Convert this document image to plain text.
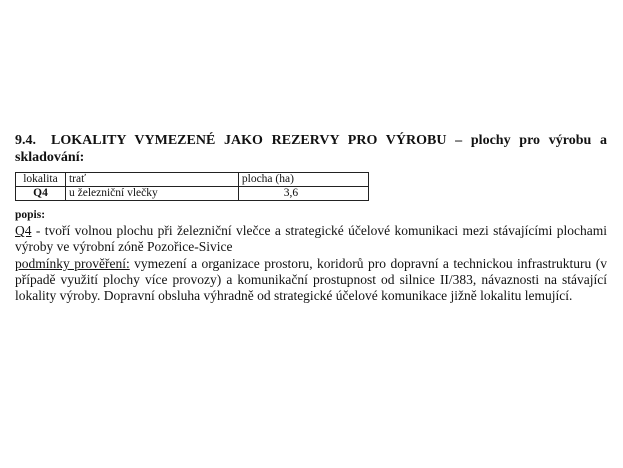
9.4. LOKALITY VYMEZENÉ JAKO REZERVY PRO VÝROBU – plochy pro výrobu a skladování:

lokalita	trať	plocha (ha)
Q4	u železniční vlečky	3,6
popis:

Q4 - tvoří volnou plochu při železniční vlečce a strategické účelové komunikaci mezi stávajícími plochami výroby ve výrobní zóně Pozořice-Sivice

podmínky prověření: vymezení a organizace prostoru, koridorů pro dopravní a technickou infrastrukturu (v případě využití plochy více provozy) a komunikační prostupnost od silnice II/383, návaznosti na stávající lokality výroby. Dopravní obsluha výhradně od strategické účelové komunikace jižně lokalitu lemující.
